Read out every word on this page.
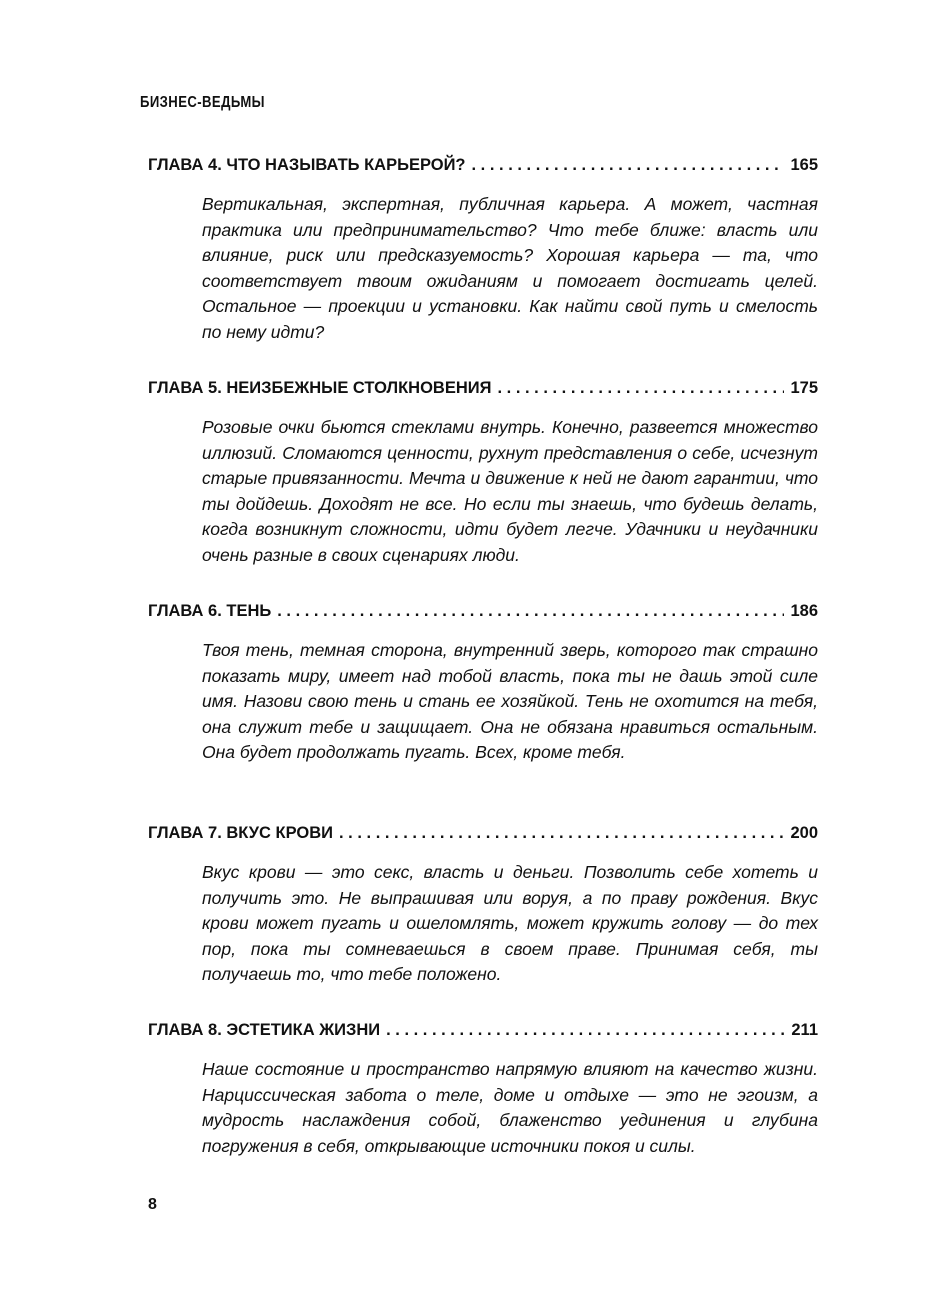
БИЗНЕС-ВЕДЬМЫ
ГЛАВА 4. ЧТО НАЗЫВАТЬ КАРЬЕРОЙ? . . .	165
Вертикальная, экспертная, публичная карьера. А может, частная практика или предпринимательство? Что тебе ближе: власть или влияние, риск или предсказуемость? Хорошая карьера — та, что соответствует твоим ожиданиям и помогает достигать целей. Остальное — проекции и установки. Как найти свой путь и смелость по нему идти?
ГЛАВА 5. НЕИЗБЕЖНЫЕ СТОЛКНОВЕНИЯ . . .	175
Розовые очки бьются стеклами внутрь. Конечно, развеется множество иллюзий. Сломаются ценности, рухнут представления о себе, исчезнут старые привязанности. Мечта и движение к ней не дают гарантии, что ты дойдешь. Доходят не все. Но если ты знаешь, что будешь делать, когда возникнут сложности, идти будет легче. Удачники и неудачники очень разные в своих сценариях люди.
ГЛАВА 6. ТЕНЬ . . .	186
Твоя тень, темная сторона, внутренний зверь, которого так страшно показать миру, имеет над тобой власть, пока ты не дашь этой силе имя. Назови свою тень и стань ее хозяйкой. Тень не охотится на тебя, она служит тебе и защищает. Она не обязана нравиться остальным. Она будет продолжать пугать. Всех, кроме тебя.
ГЛАВА 7. ВКУС КРОВИ . . .	200
Вкус крови — это секс, власть и деньги. Позволить себе хотеть и получить это. Не выпрашивая или воруя, а по праву рождения. Вкус крови может пугать и ошеломлять, может кружить голову — до тех пор, пока ты сомневаешься в своем праве. Принимая себя, ты получаешь то, что тебе положено.
ГЛАВА 8. ЭСТЕТИКА ЖИЗНИ . . .	211
Наше состояние и пространство напрямую влияют на качество жизни. Нарциссическая забота о теле, доме и отдыхе — это не эгоизм, а мудрость наслаждения собой, блаженство уединения и глубина погружения в себя, открывающие источники покоя и силы.
8
